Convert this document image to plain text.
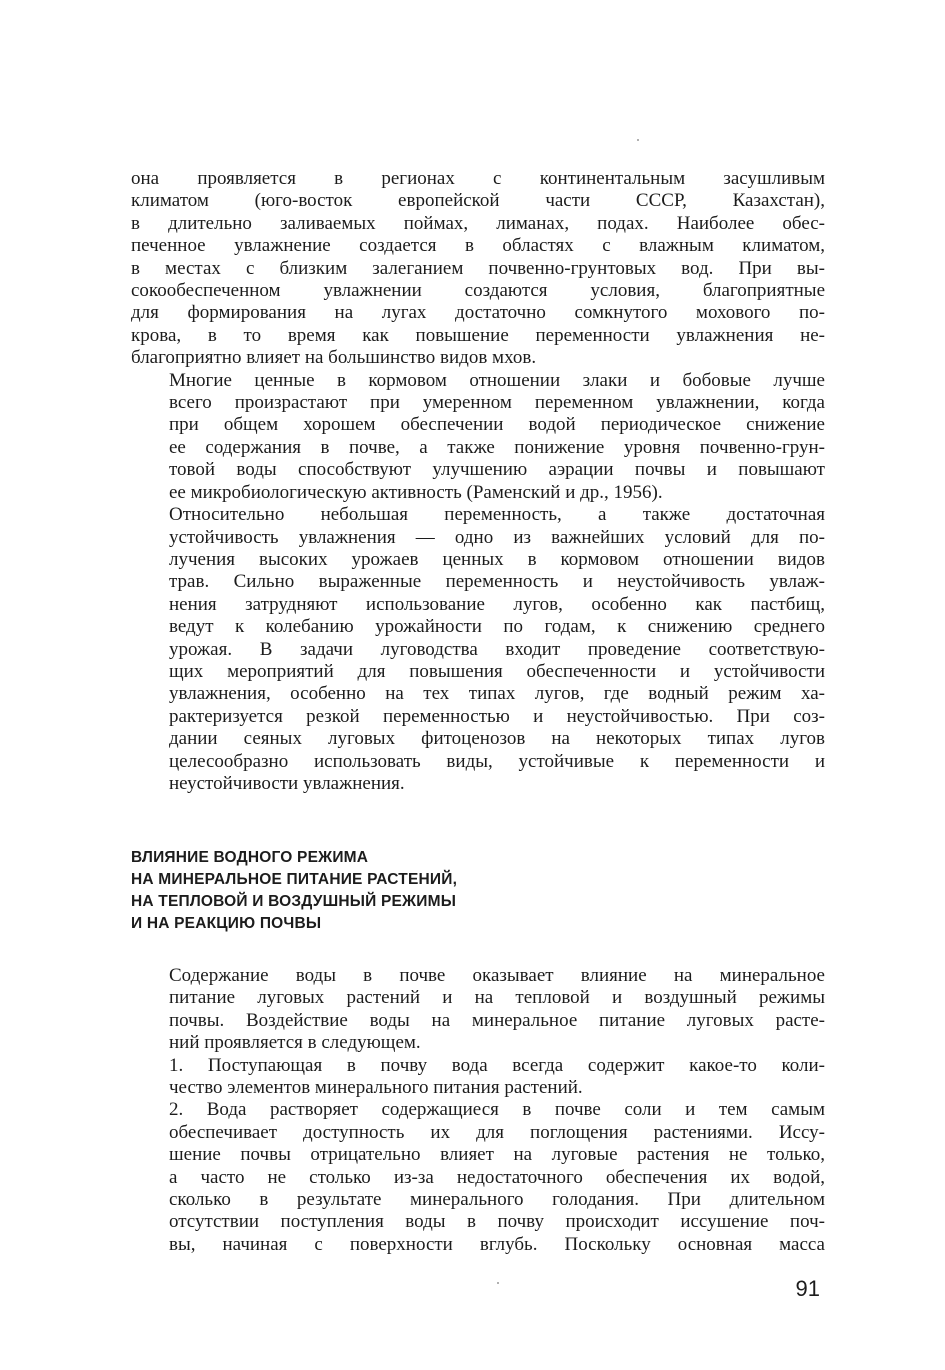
она проявляется в регионах с континентальным засушливым
климатом (юго-восток европейской части СССР, Казахстан),
в длительно заливаемых поймах, лиманах, подах. Наиболее обес-
печенное увлажнение создается в областях с влажным климатом,
в местах с близким залеганием почвенно-грунтовых вод. При вы-
сокообеспеченном увлажнении создаются условия, благоприятные
для формирования на лугах достаточно сомкнутого мохового по-
крова, в то время как повышение переменности увлажнения не-
благоприятно влияет на большинство видов мхов.

Многие ценные в кормовом отношении злаки и бобовые лучше
всего произрастают при умеренном переменном увлажнении, когда
при общем хорошем обеспечении водой периодическое снижение
ее содержания в почве, а также понижение уровня почвенно-грун-
товой воды способствуют улучшению аэрации почвы и повышают
ее микробиологическую активность (Раменский и др., 1956).

Относительно небольшая переменность, а также достаточная
устойчивость увлажнения — одно из важнейших условий для по-
лучения высоких урожаев ценных в кормовом отношении видов
трав. Сильно выраженные переменность и неустойчивость увлаж-
нения затрудняют использование лугов, особенно как пастбищ,
ведут к колебанию урожайности по годам, к снижению среднего
урожая. В задачи луговодства входит проведение соответствую-
щих мероприятий для повышения обеспеченности и устойчивости
увлажнения, особенно на тех типах лугов, где водный режим ха-
рактеризуется резкой переменностью и неустойчивостью. При соз-
дании сеяных луговых фитоценозов на некоторых типах лугов
целесообразно использовать виды, устойчивые к переменности и
неустойчивости увлажнения.

ВЛИЯНИЕ ВОДНОГО РЕЖИМА
НА МИНЕРАЛЬНОЕ ПИТАНИЕ РАСТЕНИЙ,
НА ТЕПЛОВОЙ И ВОЗДУШНЫЙ РЕЖИМЫ
И НА РЕАКЦИЮ ПОЧВЫ

Содержание воды в почве оказывает влияние на минеральное
питание луговых растений и на тепловой и воздушный режимы
почвы. Воздействие воды на минеральное питание луговых расте-
ний проявляется в следующем.

1. Поступающая в почву вода всегда содержит какое-то коли-
чество элементов минерального питания растений.

2. Вода растворяет содержащиеся в почве соли и тем самым
обеспечивает доступность их для поглощения растениями. Иссу-
шение почвы отрицательно влияет на луговые растения не только,
а часто не столько из-за недостаточного обеспечения их водой,
сколько в результате минерального голодания. При длительном
отсутствии поступления воды в почву происходит иссушение поч-
вы, начиная с поверхности вглубь. Поскольку основная масса

91
